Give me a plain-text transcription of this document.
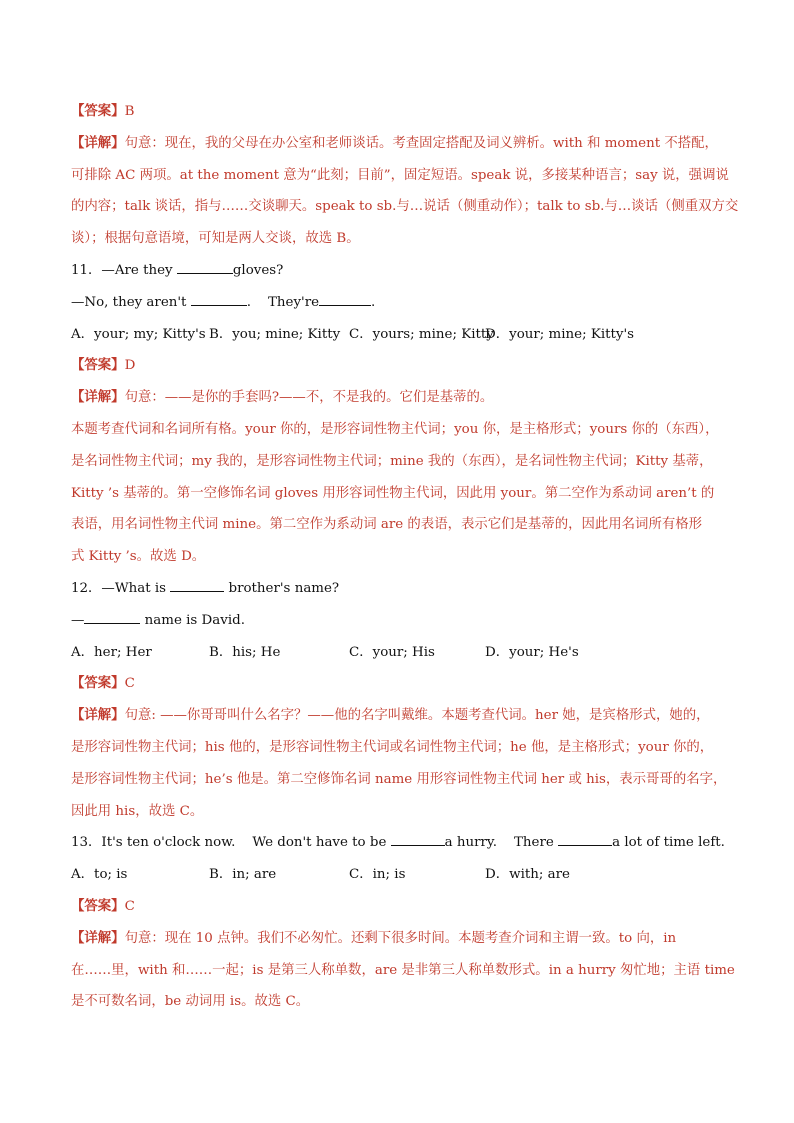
【答案】B
【详解】句意：现在，我的父母在办公室和老师谈话。考查固定搭配及词义辨析。with 和 moment 不搭配，
可排除 AC 两项。at the moment 意为“此刻；目前”，固定短语。speak 说，多接某种语言；say 说，强调说
的内容；talk 谈话，指与……交谈聊天。speak to sb.与…说话（侧重动作）；talk to sb.与…谈话（侧重双方交
谈）；根据句意语境，可知是两人交谈，故选 B。
11．—Are they	gloves?
—No, they aren't	.    They're	.
A．your; my; Kitty's B．you; mine; Kitty C．yours; mine; Kitty
D．your; mine; Kitty's
【答案】D
【详解】句意：——是你的手套吗?——不，不是我的。它们是基蒂的。
本题考查代词和名词所有格。your 你的，是形容词性物主代词；you 你，是主格形式；yours 你的（东西），
是名词性物主代词；my 我的，是形容词性物主代词；mine 我的（东西），是名词性物主代词；Kitty 基蒂，
Kitty ’s 基蒂的。第一空修饰名词 gloves 用形容词性物主代词，因此用 your。第二空作为系动词 aren’t 的
表语，用名词性物主代词 mine。第二空作为系动词 are 的表语，表示它们是基蒂的，因此用名词所有格形
式 Kitty ’s。故选 D。
12．—What is	brother's name?
—	name is David.
A．her; Her	B．his; He	C．your; His	D．your; He's
【答案】C
【详解】句意: ——你哥哥叫什么名字？——他的名字叫戴维。本题考查代词。her 她，是宾格形式，她的，
是形容词性物主代词；his 他的，是形容词性物主代词或名词性物主代词；he 他，是主格形式；your 你的，
是形容词性物主代词；he’s 他是。第二空修饰名词 name 用形容词性物主代词 her 或 his，表示哥哥的名字，
因此用 his，故选 C。
13．It's ten o'clock now.    We don't have to be	a hurry.    There	a lot of time left.
A．to; is	B．in; are	C．in; is	D．with; are
【答案】C
【详解】句意：现在 10 点钟。我们不必匆忙。还剩下很多时间。本题考查介词和主谓一致。to 向，in
在……里，with 和……一起；is 是第三人称单数，are 是非第三人称单数形式。in a hurry 匆忙地；主语 time
是不可数名词，be 动词用 is。故选 C。
